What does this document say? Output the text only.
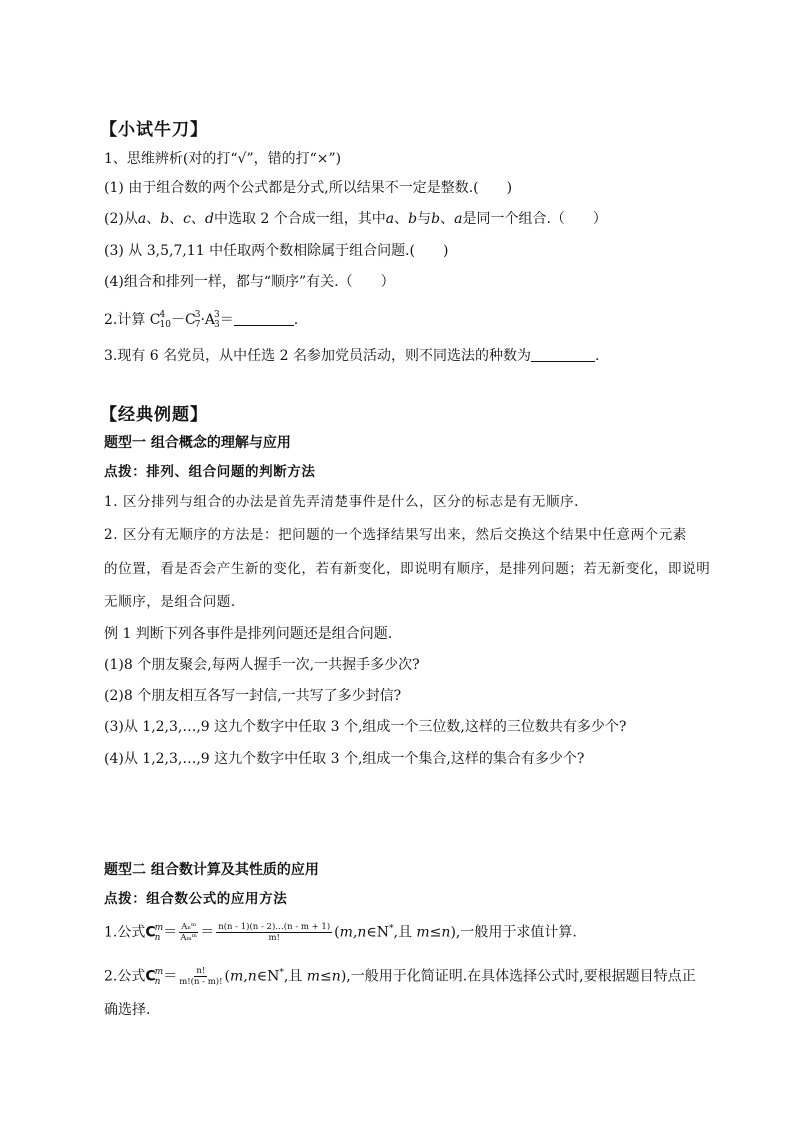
【小试牛刀】
1、思维辨析(对的打“√”，错的打“×”)
(1) 由于组合数的两个公式都是分式,所以结果不一定是整数.(　　)
(2)从a、b、c、d中选取 2 个合成一组，其中a、b与b、a是同一个组合.（　　）
(3) 从 3,5,7,11 中任取两个数相除属于组合问题.(　　)
(4)组合和排列一样，都与“顺序”有关.（　　）
2.计算 C 4
10 －C 3
7 ·A 3
3 ＝	.
3.现有 6 名党员，从中任选 2 名参加党员活动，则不同选法的种数为	.
【经典例题】
题型一 组合概念的理解与应用
点拨：排列、组合问题的判断方法
1. 区分排列与组合的办法是首先弄清楚事件是什么，区分的标志是有无顺序.
2. 区分有无顺序的方法是：把问题的一个选择结果写出来，然后交换这个结果中任意两个元素
的位置，看是否会产生新的变化，若有新变化，即说明有顺序，是排列问题；若无新变化，即说明
无顺序，是组合问题.
例 1 判断下列各事件是排列问题还是组合问题.
(1)8 个朋友聚会,每两人握手一次,一共握手多少次?
(2)8 个朋友相互各写一封信,一共写了多少封信?
(3)从 1,2,3,…,9 这九个数字中任取 3 个,组成一个三位数,这样的三位数共有多少个?
(4)从 1,2,3,…,9 这九个数字中任取 3 个,组成一个集合,这样的集合有多少个?
题型二 组合数计算及其性质的应用
点拨：组合数公式的应用方法
1.公式C m
$n = \frac{\text{Aₙᵐ}}{\text{Aₘᵐ}} = \frac{n(n - 1)(n - 2)\dots(n - m + 1)}{m!}$ (m,n∈N*,且 m≤n),一般用于求值计算.
2.公式C m
$n = \frac{n!}{m!(n - m)!}$ (m,n∈N*,且 m≤n),一般用于化简证明.在具体选择公式时,要根据题目特点正
确选择.
